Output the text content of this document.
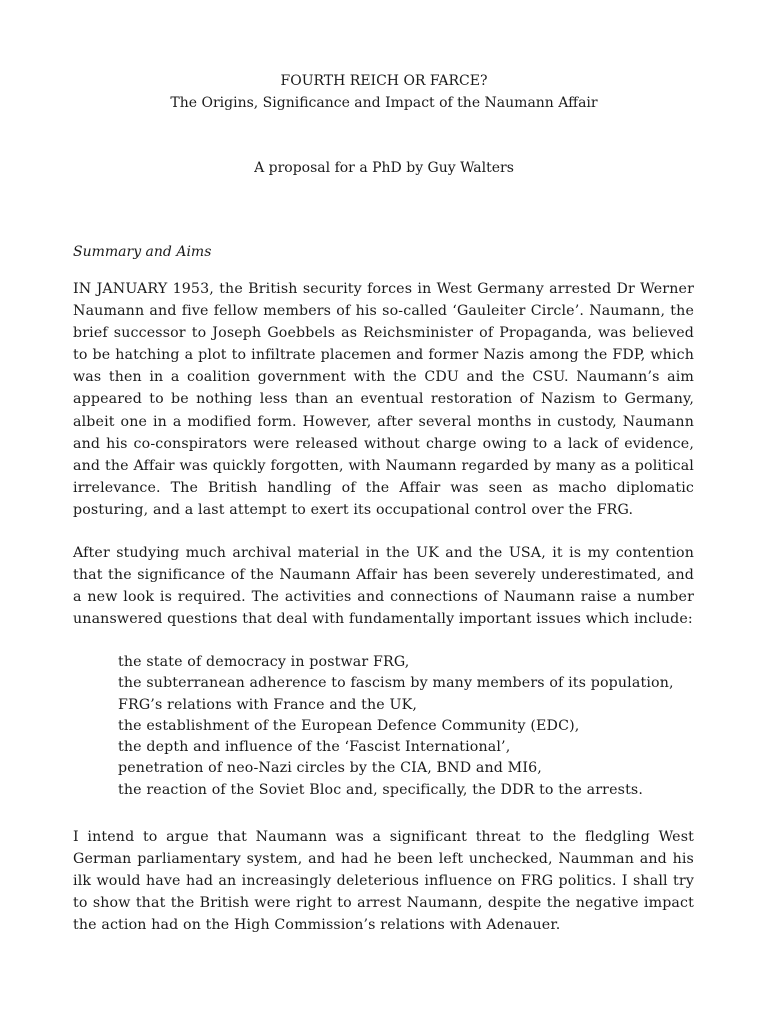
FOURTH REICH OR FARCE?
The Origins, Significance and Impact of the Naumann Affair
A proposal for a PhD by Guy Walters
Summary and Aims

IN JANUARY 1953, the British security forces in West Germany arrested Dr Werner Naumann and five fellow members of his so-called ‘Gauleiter Circle’. Naumann, the brief successor to Joseph Goebbels as Reichsminister of Propaganda, was believed to be hatching a plot to infiltrate placemen and former Nazis among the FDP, which was then in a coalition government with the CDU and the CSU. Naumann’s aim appeared to be nothing less than an eventual restoration of Nazism to Germany, albeit one in a modified form. However, after several months in custody, Naumann and his co-conspirators were released without charge owing to a lack of evidence, and the Affair was quickly forgotten, with Naumann regarded by many as a political irrelevance. The British handling of the Affair was seen as macho diplomatic posturing, and a last attempt to exert its occupational control over the FRG.

After studying much archival material in the UK and the USA, it is my contention that the significance of the Naumann Affair has been severely underestimated, and a new look is required. The activities and connections of Naumann raise a number unanswered questions that deal with fundamentally important issues which include:

the state of democracy in postwar FRG,
the subterranean adherence to fascism by many members of its population,
FRG’s relations with France and the UK,
the establishment of the European Defence Community (EDC),
the depth and influence of the ‘Fascist International’,
penetration of neo-Nazi circles by the CIA, BND and MI6,
the reaction of the Soviet Bloc and, specifically, the DDR to the arrests.

I intend to argue that Naumann was a significant threat to the fledgling West German parliamentary system, and had he been left unchecked, Naumman and his ilk would have had an increasingly deleterious influence on FRG politics. I shall try to show that the British were right to arrest Naumann, despite the negative impact the action had on the High Commission’s relations with Adenauer.
